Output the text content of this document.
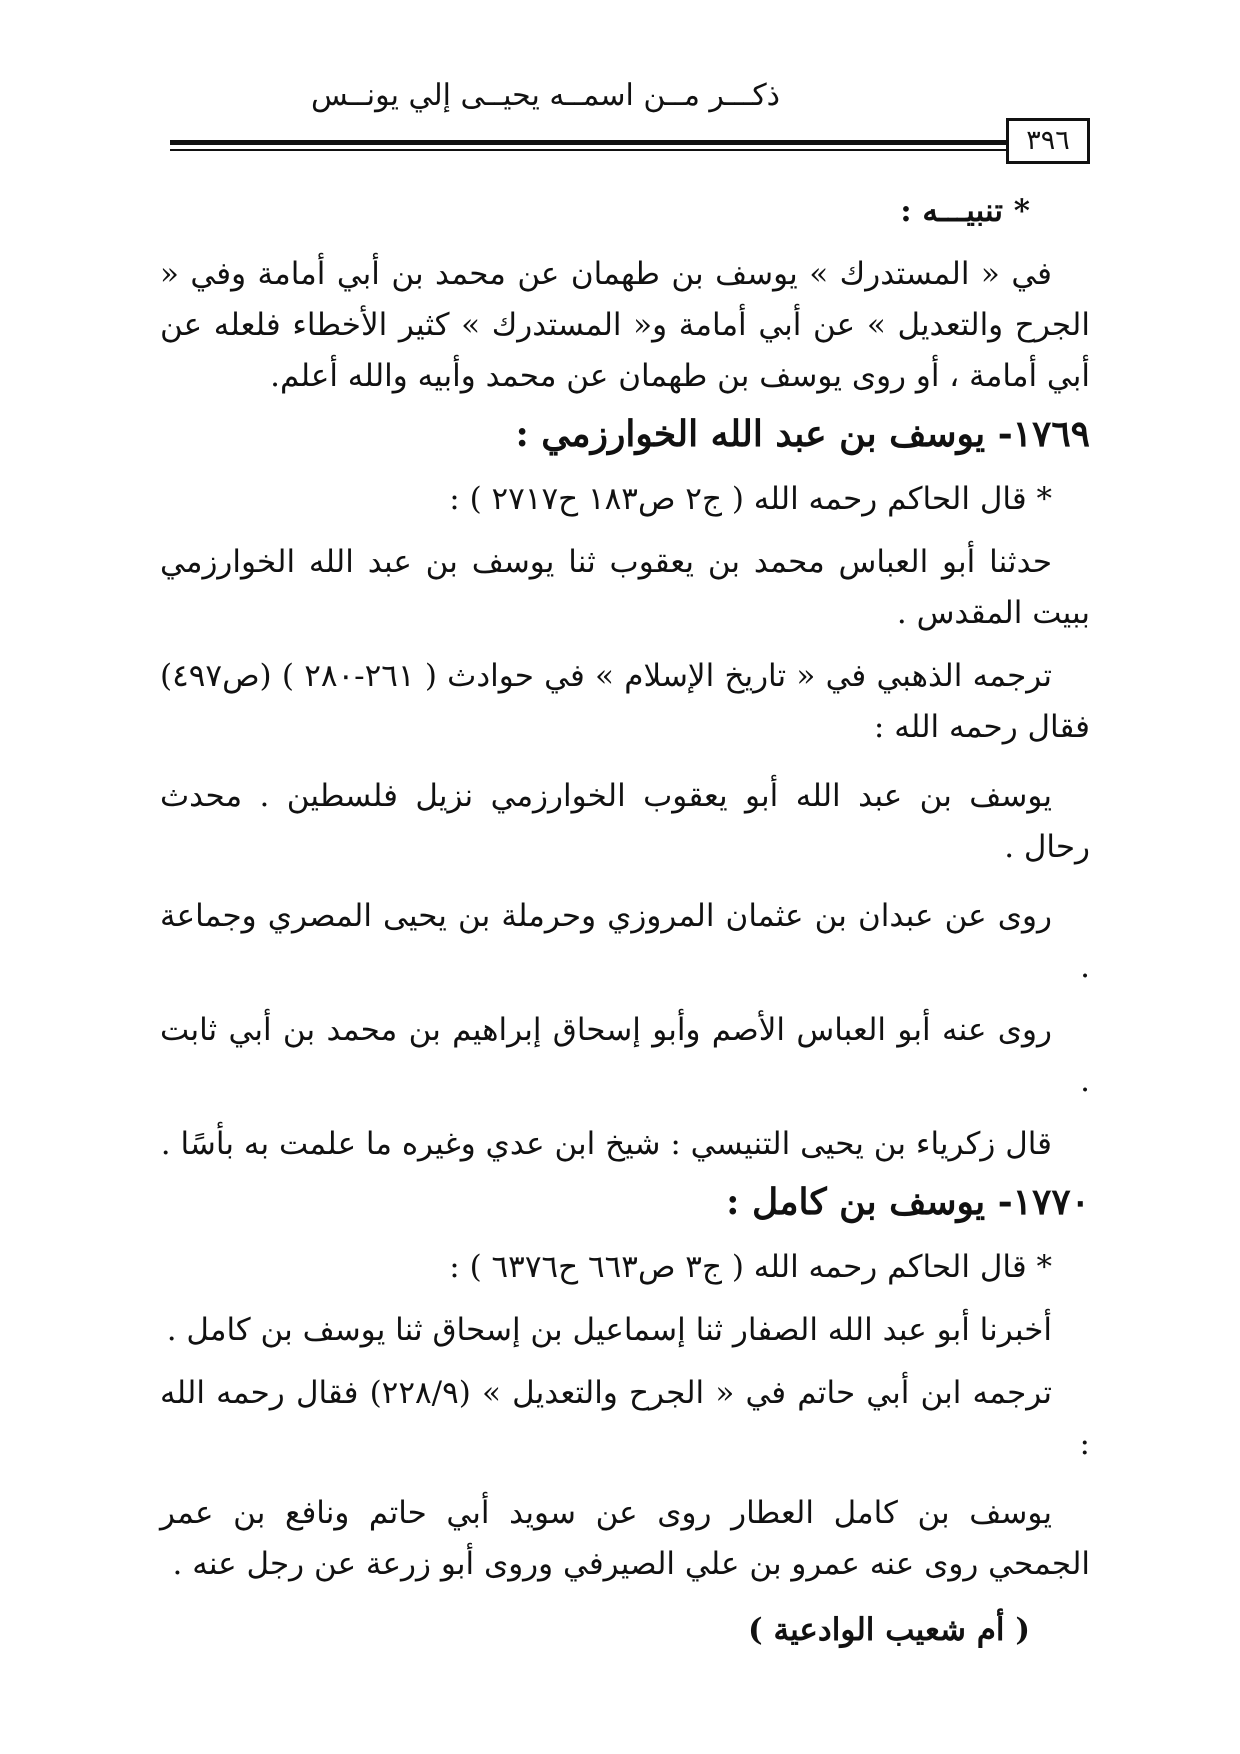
ذكـــر مــن اسمــه يحيــى إلي يونــس
٣٩٦
* تنبيـــه :

في « المستدرك » يوسف بن طهمان عن محمد بن أبي أمامة وفي « الجرح والتعديل » عن أبي أمامة و« المستدرك » كثير الأخطاء فلعله عن أبي أمامة ، أو روى يوسف بن طهمان عن محمد وأبيه والله أعلم.

١٧٦٩- يوسف بن عبد الله الخوارزمي :

* قال الحاكم رحمه الله ( ج٢ ص١٨٣ ح٢٧١٧ ) :

حدثنا أبو العباس محمد بن يعقوب ثنا يوسف بن عبد الله الخوارزمي ببيت المقدس .

ترجمه الذهبي في « تاريخ الإسلام » في حوادث ( ٢٦١-٢٨٠ ) (ص٤٩٧) فقال رحمه الله :

يوسف بن عبد الله أبو يعقوب الخوارزمي نزيل فلسطين . محدث رحال .

روى عن عبدان بن عثمان المروزي وحرملة بن يحيى المصري وجماعة .

روى عنه أبو العباس الأصم وأبو إسحاق إبراهيم بن محمد بن أبي ثابت .

قال زكرياء بن يحيى التنيسي : شيخ ابن عدي وغيره ما علمت به بأسًا .

١٧٧٠- يوسف بن كامل :

* قال الحاكم رحمه الله ( ج٣ ص٦٦٣ ح٦٣٧٦ ) :

أخبرنا أبو عبد الله الصفار ثنا إسماعيل بن إسحاق ثنا يوسف بن كامل .

ترجمه ابن أبي حاتم في « الجرح والتعديل » (٢٢٨/٩) فقال رحمه الله :

يوسف بن كامل العطار روى عن سويد أبي حاتم ونافع بن عمر الجمحي روى عنه عمرو بن علي الصيرفي وروى أبو زرعة عن رجل عنه .

( أم شعيب الوادعية )
